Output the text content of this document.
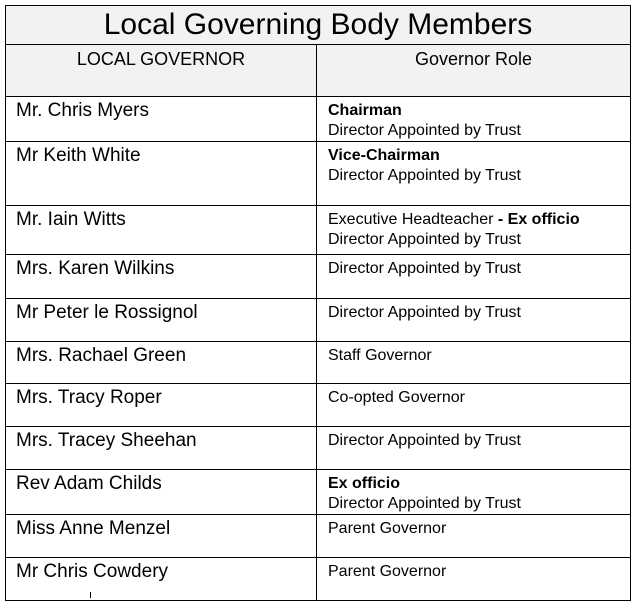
Local Governing Body Members	
LOCAL GOVERNOR	Governor Role
Mr. Chris Myers	Chairman
Director Appointed by Trust

Mr Keith White	Vice-Chairman
Director Appointed by Trust

Mr. Iain Witts	Executive Headteacher - Ex officio
Director Appointed by Trust

Mrs. Karen Wilkins	Director Appointed by Trust

Mr Peter le Rossignol	Director Appointed by Trust

Mrs. Rachael Green	Staff Governor

Mrs. Tracy Roper	Co-opted Governor

Mrs. Tracey Sheehan	Director Appointed by Trust

Rev Adam Childs	Ex officio
Director Appointed by Trust

Miss Anne Menzel	Parent Governor

Mr Chris Cowdery	Parent Governor
